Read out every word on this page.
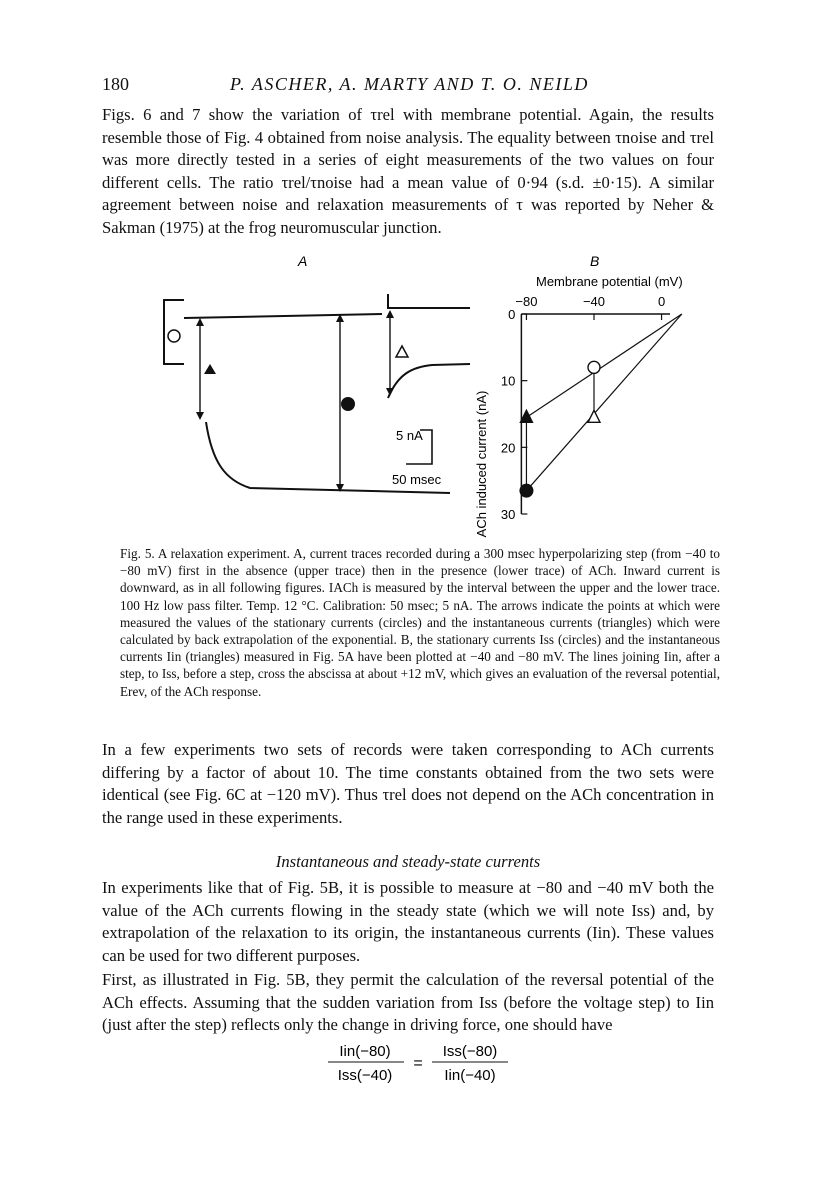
180	P. ASCHER, A. MARTY AND T. O. NEILD
Figs. 6 and 7 show the variation of τrel with membrane potential. Again, the results resemble those of Fig. 4 obtained from noise analysis. The equality between τnoise and τrel was more directly tested in a series of eight measurements of the two values on four different cells. The ratio τrel/τnoise had a mean value of 0·94 (s.d. ±0·15). A similar agreement between noise and relaxation measurements of τ was reported by Neher & Sakman (1975) at the frog neuromuscular junction.
A
5 nA
50 msec
B
Membrane potential (mV)
ACh induced current (nA)
−80	−40	0
0
10
20
30
Fig. 5. A relaxation experiment. A, current traces recorded during a 300 msec hyperpolarizing step (from −40 to −80 mV) first in the absence (upper trace) then in the presence (lower trace) of ACh. Inward current is downward, as in all following figures. IACh is measured by the interval between the upper and the lower trace. 100 Hz low pass filter. Temp. 12 °C. Calibration: 50 msec; 5 nA. The arrows indicate the points at which were measured the values of the stationary currents (circles) and the instantaneous currents (triangles) which were calculated by back extrapolation of the exponential. B, the stationary currents Iss (circles) and the instantaneous currents Iin (triangles) measured in Fig. 5A have been plotted at −40 and −80 mV. The lines joining Iin, after a step, to Iss, before a step, cross the abscissa at about +12 mV, which gives an evaluation of the reversal potential, Erev, of the ACh response.
In a few experiments two sets of records were taken corresponding to ACh currents differing by a factor of about 10. The time constants obtained from the two sets were identical (see Fig. 6C at −120 mV). Thus τrel does not depend on the ACh concentration in the range used in these experiments.
Instantaneous and steady-state currents
In experiments like that of Fig. 5B, it is possible to measure at −80 and −40 mV both the value of the ACh currents flowing in the steady state (which we will note Iss) and, by extrapolation of the relaxation to its origin, the instantaneous currents (Iin). These values can be used for two different purposes.
First, as illustrated in Fig. 5B, they permit the calculation of the reversal potential of the ACh effects. Assuming that the sudden variation from Iss (before the voltage step) to Iin (just after the step) reflects only the change in driving force, one should have
Iin(−80)
Iss(−40)
=
Iss(−80)
Iin(−40)
